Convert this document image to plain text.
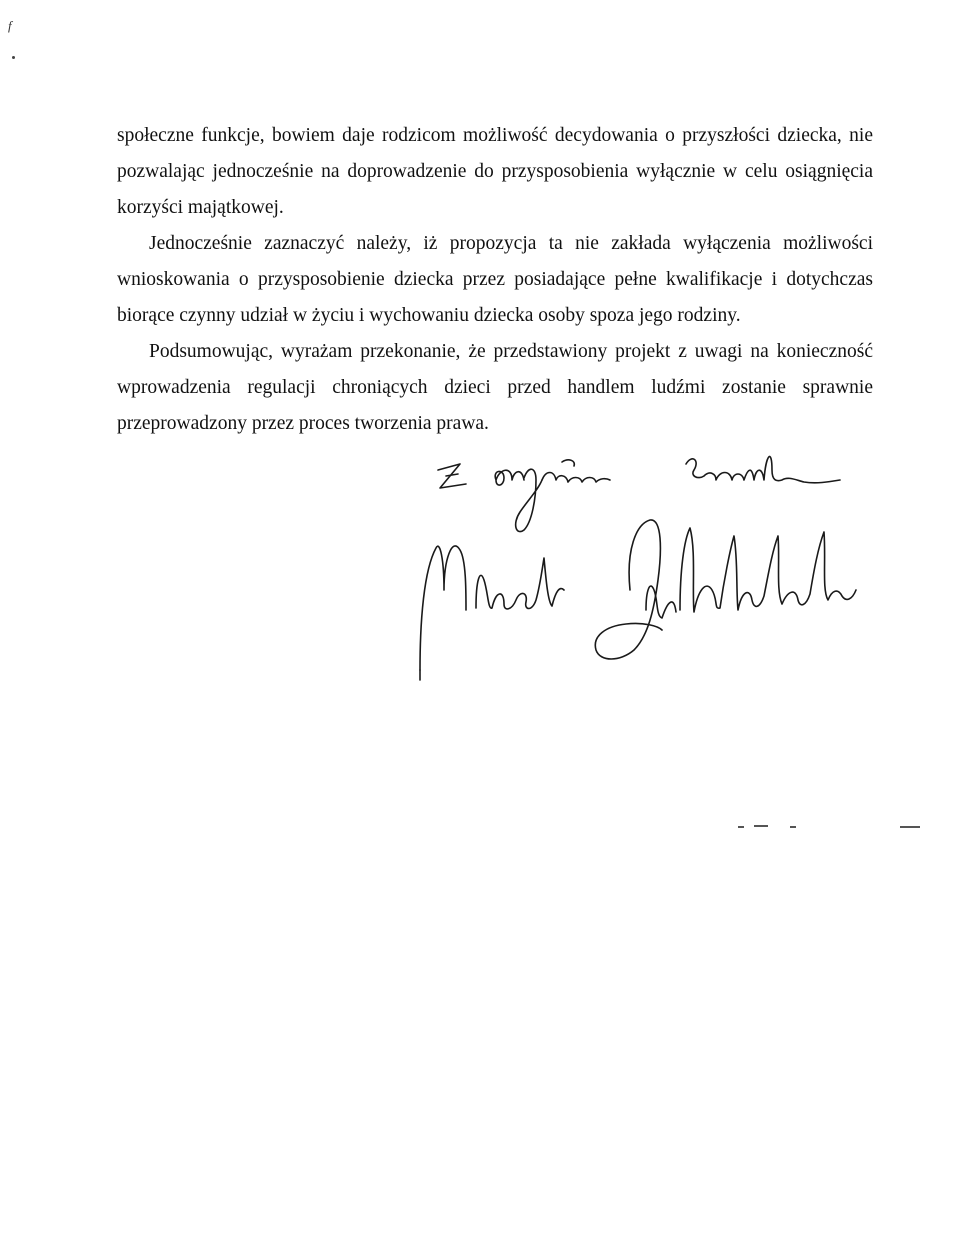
f

społeczne funkcje, bowiem daje rodzicom możliwość decydowania o przyszłości dziecka, nie pozwalając jednocześnie na doprowadzenie do przysposobienia wyłącznie w celu osiągnięcia korzyści majątkowej.

Jednocześnie zaznaczyć należy, iż propozycja ta nie zakłada wyłączenia możliwości wnioskowania o przysposobienie dziecka przez posiadające pełne kwalifikacje i dotychczas biorące czynny udział w życiu i wychowaniu dziecka osoby spoza jego rodziny.

Podsumowując, wyrażam przekonanie, że przedstawiony projekt z uwagi na konieczność wprowadzenia regulacji chroniących dzieci przed handlem ludźmi zostanie sprawnie przeprowadzony przez proces tworzenia prawa.
